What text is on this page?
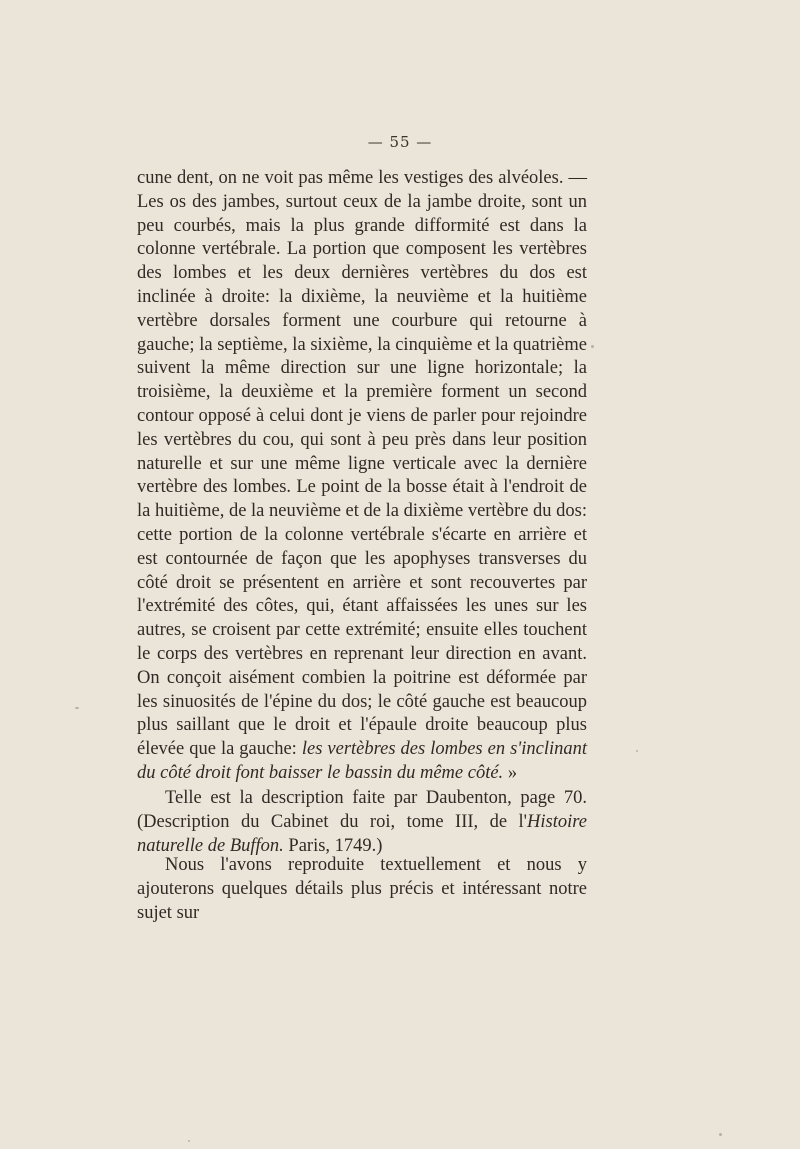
— 55 —

cune dent, on ne voit pas même les vestiges des alvéoles. — Les os des jambes, surtout ceux de la jambe droite, sont un peu courbés, mais la plus grande difformité est dans la colonne vertébrale. La portion que composent les vertèbres des lombes et les deux dernières vertèbres du dos est inclinée à droite: la dixième, la neuvième et la huitième vertèbre dorsales forment une courbure qui retourne à gauche; la septième, la sixième, la cinquième et la quatrième suivent la même direction sur une ligne horizontale; la troisième, la deuxième et la première forment un second contour opposé à celui dont je viens de parler pour rejoindre les vertèbres du cou, qui sont à peu près dans leur position naturelle et sur une même ligne verticale avec la dernière vertèbre des lombes. Le point de la bosse était à l'endroit de la huitième, de la neuvième et de la dixième vertèbre du dos: cette portion de la colonne vertébrale s'écarte en arrière et est contournée de façon que les apophyses transverses du côté droit se présentent en arrière et sont recouvertes par l'extrémité des côtes, qui, étant affaissées les unes sur les autres, se croisent par cette extrémité; ensuite elles touchent le corps des vertèbres en reprenant leur direction en avant. On conçoit aisément combien la poitrine est déformée par les sinuosités de l'épine du dos; le côté gauche est beaucoup plus saillant que le droit et l'épaule droite beaucoup plus élevée que la gauche: les vertèbres des lombes en s'inclinant du côté droit font baisser le bassin du même côté. »

Telle est la description faite par Daubenton, page 70. (Description du Cabinet du roi, tome III, de l'Histoire naturelle de Buffon. Paris, 1749.)

Nous l'avons reproduite textuellement et nous y ajouterons quelques détails plus précis et intéressant notre sujet sur
